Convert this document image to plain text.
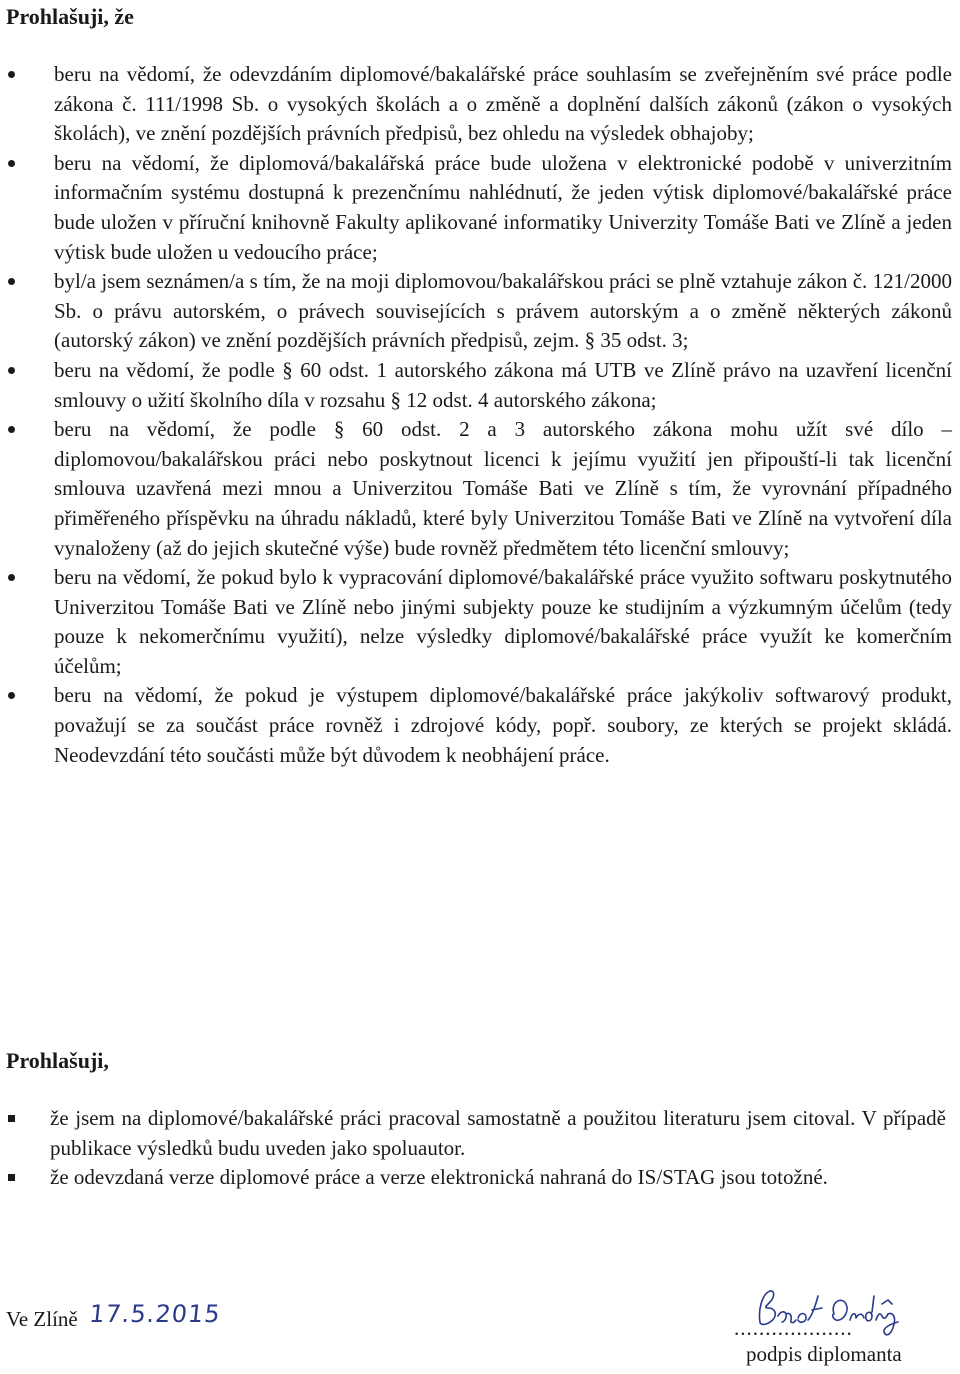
Prohlašuji, že
beru na vědomí, že odevzdáním diplomové/bakalářské práce souhlasím se zveřejněním své práce podle zákona č. 111/1998 Sb. o vysokých školách a o změně a doplnění dalších zákonů (zákon o vysokých školách), ve znění pozdějších právních předpisů, bez ohledu na výsledek obhajoby;
beru na vědomí, že diplomová/bakalářská práce bude uložena v elektronické podobě v univerzitním informačním systému dostupná k prezenčnímu nahlédnutí, že jeden výtisk diplomové/bakalářské práce bude uložen v příruční knihovně Fakulty aplikované informatiky Univerzity Tomáše Bati ve Zlíně a jeden výtisk bude uložen u vedoucího práce;
byl/a jsem seznámen/a s tím, že na moji diplomovou/bakalářskou práci se plně vztahuje zákon č. 121/2000 Sb. o právu autorském, o právech souvisejících s právem autorským a o změně některých zákonů (autorský zákon) ve znění pozdějších právních předpisů, zejm. § 35 odst. 3;
beru na vědomí, že podle § 60 odst. 1 autorského zákona má UTB ve Zlíně právo na uzavření licenční smlouvy o užití školního díla v rozsahu § 12 odst. 4 autorského zákona;
beru na vědomí, že podle § 60 odst. 2 a 3 autorského zákona mohu užít své dílo – diplomovou/bakalářskou práci nebo poskytnout licenci k jejímu využití jen připouští-li tak licenční smlouva uzavřená mezi mnou a Univerzitou Tomáše Bati ve Zlíně s tím, že vyrovnání případného přiměřeného příspěvku na úhradu nákladů, které byly Univerzitou Tomáše Bati ve Zlíně na vytvoření díla vynaloženy (až do jejich skutečné výše) bude rovněž předmětem této licenční smlouvy;
beru na vědomí, že pokud bylo k vypracování diplomové/bakalářské práce využito softwaru poskytnutého Univerzitou Tomáše Bati ve Zlíně nebo jinými subjekty pouze ke studijním a výzkumným účelům (tedy pouze k nekomerčnímu využití), nelze výsledky diplomové/bakalářské práce využít ke komerčním účelům;
beru na vědomí, že pokud je výstupem diplomové/bakalářské práce jakýkoliv softwarový produkt, považují se za součást práce rovněž i zdrojové kódy, popř. soubory, ze kterých se projekt skládá. Neodevzdání této součásti může být důvodem k neobhájení práce.
Prohlašuji,
že jsem na diplomové/bakalářské práci pracoval samostatně a použitou literaturu jsem citoval. V případě publikace výsledků budu uveden jako spoluautor.
že odevzdaná verze diplomové práce a verze elektronická nahraná do IS/STAG jsou totožné.
Ve Zlíně 17.5.2015	...................
podpis diplomanta
